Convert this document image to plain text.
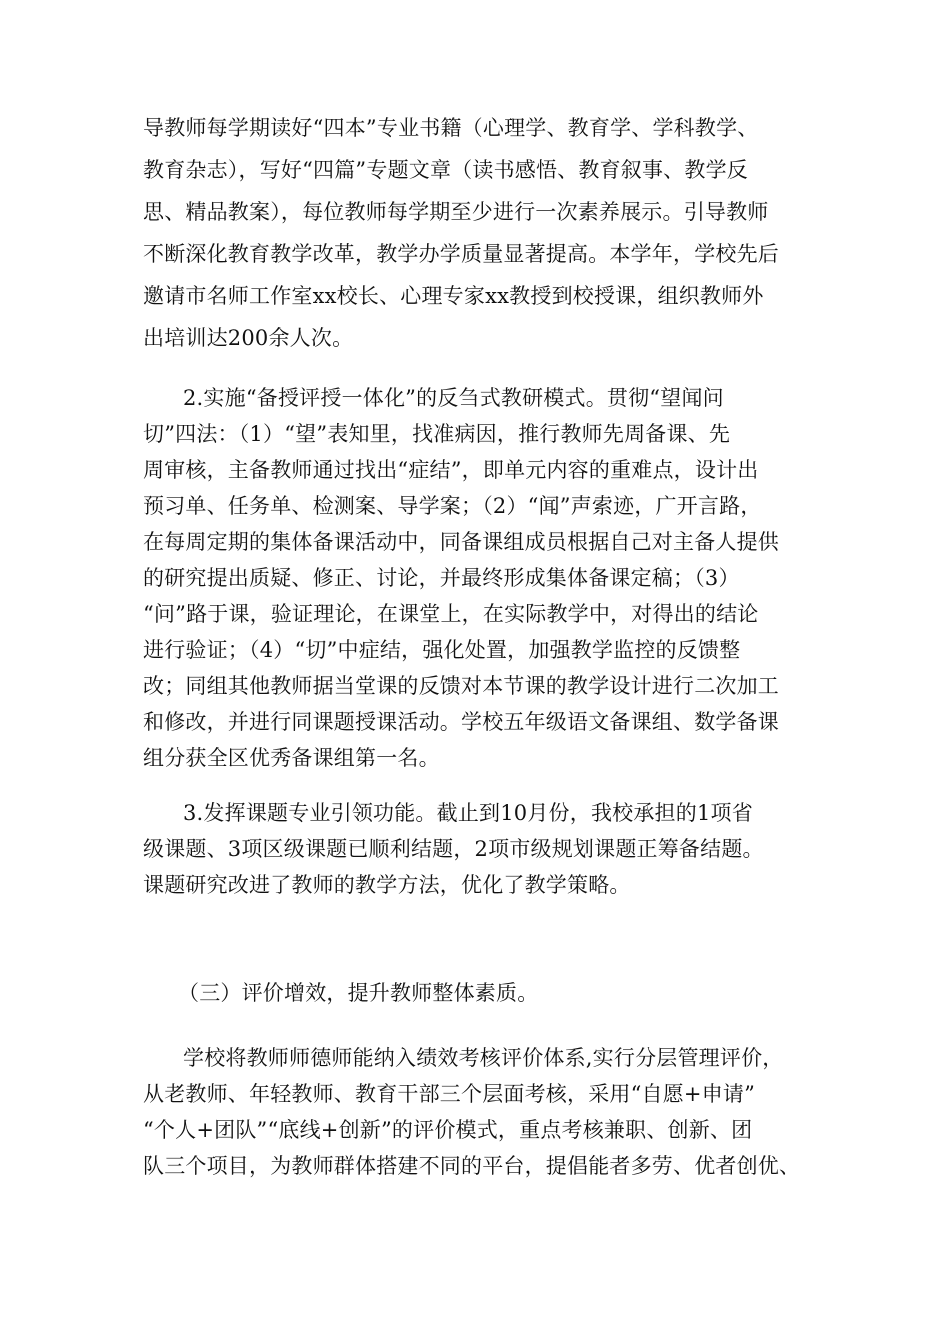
导教师每学期读好“四本”专业书籍（心理学、教育学、学科教学、
教育杂志），写好“四篇”专题文章（读书感悟、教育叙事、教学反
思、精品教案），每位教师每学期至少进行一次素养展示。引导教师
不断深化教育教学改革，教学办学质量显著提高。本学年，学校先后
邀请市名师工作室xx校长、心理专家xx教授到校授课，组织教师外
出培训达200余人次。
2.实施“备授评授一体化”的反刍式教研模式。贯彻“望闻问
切”四法：（1）“望”表知里，找准病因，推行教师先周备课、先
周审核，主备教师通过找出“症结”，即单元内容的重难点，设计出
预习单、任务单、检测案、导学案；（2）“闻”声索迹，广开言路，
在每周定期的集体备课活动中，同备课组成员根据自己对主备人提供
的研究提出质疑、修正、讨论，并最终形成集体备课定稿；（3）
“问”路于课，验证理论，在课堂上，在实际教学中，对得出的结论
进行验证；（4）“切”中症结，强化处置，加强教学监控的反馈整
改；同组其他教师据当堂课的反馈对本节课的教学设计进行二次加工
和修改，并进行同课题授课活动。学校五年级语文备课组、数学备课
组分获全区优秀备课组第一名。
3.发挥课题专业引领功能。截止到10月份，我校承担的1项省
级课题、3项区级课题已顺利结题，2项市级规划课题正筹备结题。
课题研究改进了教师的教学方法，优化了教学策略。
（三）评价增效，提升教师整体素质。
学校将教师师德师能纳入绩效考核评价体系,实行分层管理评价，
从老教师、年轻教师、教育干部三个层面考核，采用“自愿+申请”
“个人+团队”“底线+创新”的评价模式，重点考核兼职、创新、团
队三个项目，为教师群体搭建不同的平台，提倡能者多劳、优者创优、
